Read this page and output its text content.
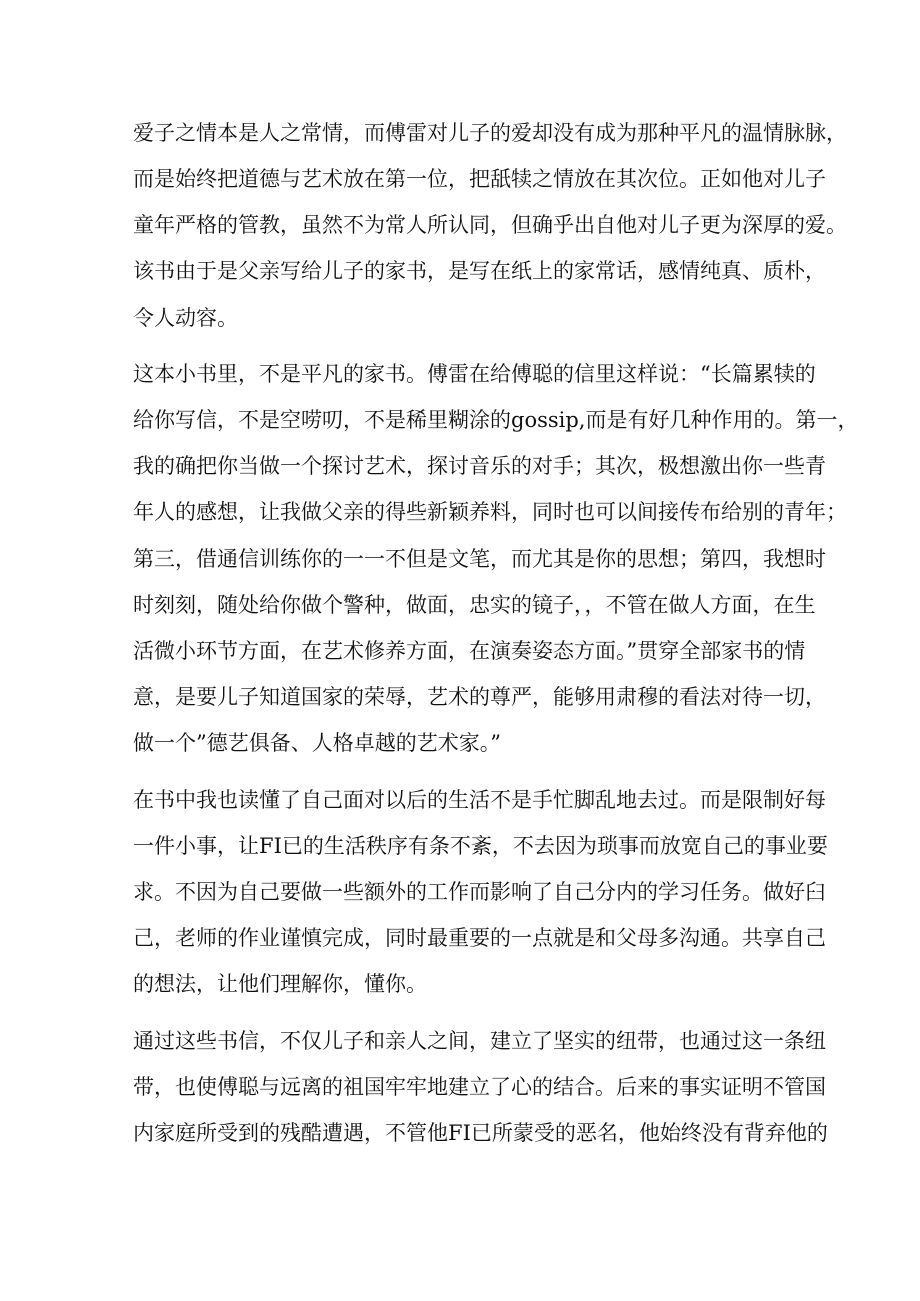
爱子之情本是人之常情，而傅雷对儿子的爱却没有成为那种平凡的温情脉脉，
而是始终把道德与艺术放在第一位，把舐犊之情放在其次位。正如他对儿子
童年严格的管教，虽然不为常人所认同，但确乎出自他对儿子更为深厚的爱。
该书由于是父亲写给儿子的家书，是写在纸上的家常话，感情纯真、质朴，
令人动容。
这本小书里，不是平凡的家书。傅雷在给傅聪的信里这样说：“长篇累犊的
给你写信，不是空唠叨，不是稀里糊涂的gossip,而是有好几种作用的。第一，
我的确把你当做一个探讨艺术，探讨音乐的对手；其次，极想激出你一些青
年人的感想，让我做父亲的得些新颖养料，同时也可以间接传布给别的青年；
第三，借通信训练你的一一不但是文笔，而尤其是你的思想；第四，我想时
时刻刻，随处给你做个警种，做面，忠实的镜子，，不管在做人方面，在生
活微小环节方面，在艺术修养方面，在演奏姿态方面。”贯穿全部家书的情
意，是要儿子知道国家的荣辱，艺术的尊严，能够用肃穆的看法对待一切，
做一个”德艺俱备、人格卓越的艺术家。”
在书中我也读懂了自己面对以后的生活不是手忙脚乱地去过。而是限制好每
一件小事，让FI已的生活秩序有条不紊，不去因为琐事而放宽自己的事业要
求。不因为自己要做一些额外的工作而影响了自己分内的学习任务。做好臼
己，老师的作业谨慎完成，同时最重要的一点就是和父母多沟通。共享自己
的想法，让他们理解你，懂你。
通过这些书信，不仅儿子和亲人之间，建立了坚实的纽带，也通过这一条纽
带，也使傅聪与远离的祖国牢牢地建立了心的结合。后来的事实证明不管国
内家庭所受到的残酷遭遇，不管他FI已所蒙受的恶名，他始终没有背弃他的
